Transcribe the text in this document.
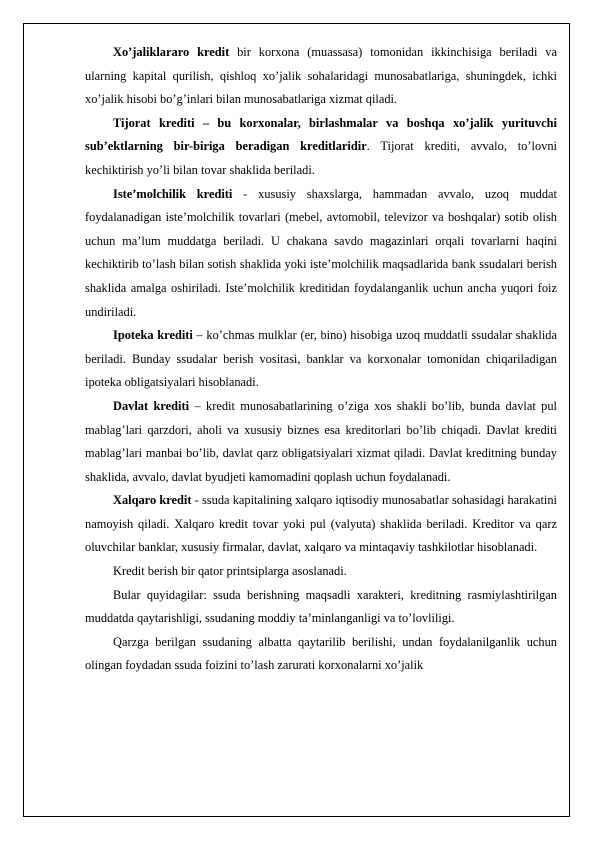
Xo’jaliklararo kredit bir korxona (muassasa) tomonidan ikkinchisiga beriladi va ularning kapital qurilish, qishloq xo’jalik sohalaridagi munosabatlariga, shuningdek, ichki xo’jalik hisobi bo’g’inlari bilan munosabatlariga xizmat qiladi.

Tijorat krediti – bu korxonalar, birlashmalar va boshqa xo’jalik yurituvchi sub’ektlarning bir-biriga beradigan kreditlaridir. Tijorat krediti, avvalo, to’lovni kechiktirish yo’li bilan tovar shaklida beriladi.

Iste’molchilik krediti - xususiy shaxslarga, hammadan avvalo, uzoq muddat foydalanadigan iste’molchilik tovarlari (mebel, avtomobil, televizor va boshqalar) sotib olish uchun ma’lum muddatga beriladi. U chakana savdo magazinlari orqali tovarlarni haqini kechiktirib to’lash bilan sotish shaklida yoki iste’molchilik maqsadlarida bank ssudalari berish shaklida amalga oshiriladi. Iste’molchilik kreditidan foydalanganlik uchun ancha yuqori foiz undiriladi.

Ipoteka krediti – ko’chmas mulklar (er, bino) hisobiga uzoq muddatli ssudalar shaklida beriladi. Bunday ssudalar berish vositasi, banklar va korxonalar tomonidan chiqariladigan ipoteka obligatsiyalari hisoblanadi.

Davlat krediti – kredit munosabatlarining o’ziga xos shakli bo’lib, bunda davlat pul mablag’lari qarzdori, aholi va xususiy biznes esa kreditorlari bo’lib chiqadi. Davlat krediti mablag’lari manbai bo’lib, davlat qarz obligatsiyalari xizmat qiladi. Davlat kreditning bunday shaklida, avvalo, davlat byudjeti kamomadini qoplash uchun foydalanadi.

Xalqaro kredit - ssuda kapitalining xalqaro iqtisodiy munosabatlar sohasidagi harakatini namoyish qiladi. Xalqaro kredit tovar yoki pul (valyuta) shaklida beriladi. Kreditor va qarz oluvchilar banklar, xususiy firmalar, davlat, xalqaro va mintaqaviy tashkilotlar hisoblanadi.

Kredit berish bir qator printsiplarga asoslanadi.

Bular quyidagilar: ssuda berishning maqsadli xarakteri, kreditning rasmiylashtirilgan muddatda qaytarishligi, ssudaning moddiy ta’minlanganligi va to’lovliligi.

Qarzga berilgan ssudaning albatta qaytarilib berilishi, undan foydalanilganlik uchun olingan foydadan ssuda foizini to’lash zarurati korxonalarni xo’jalik
